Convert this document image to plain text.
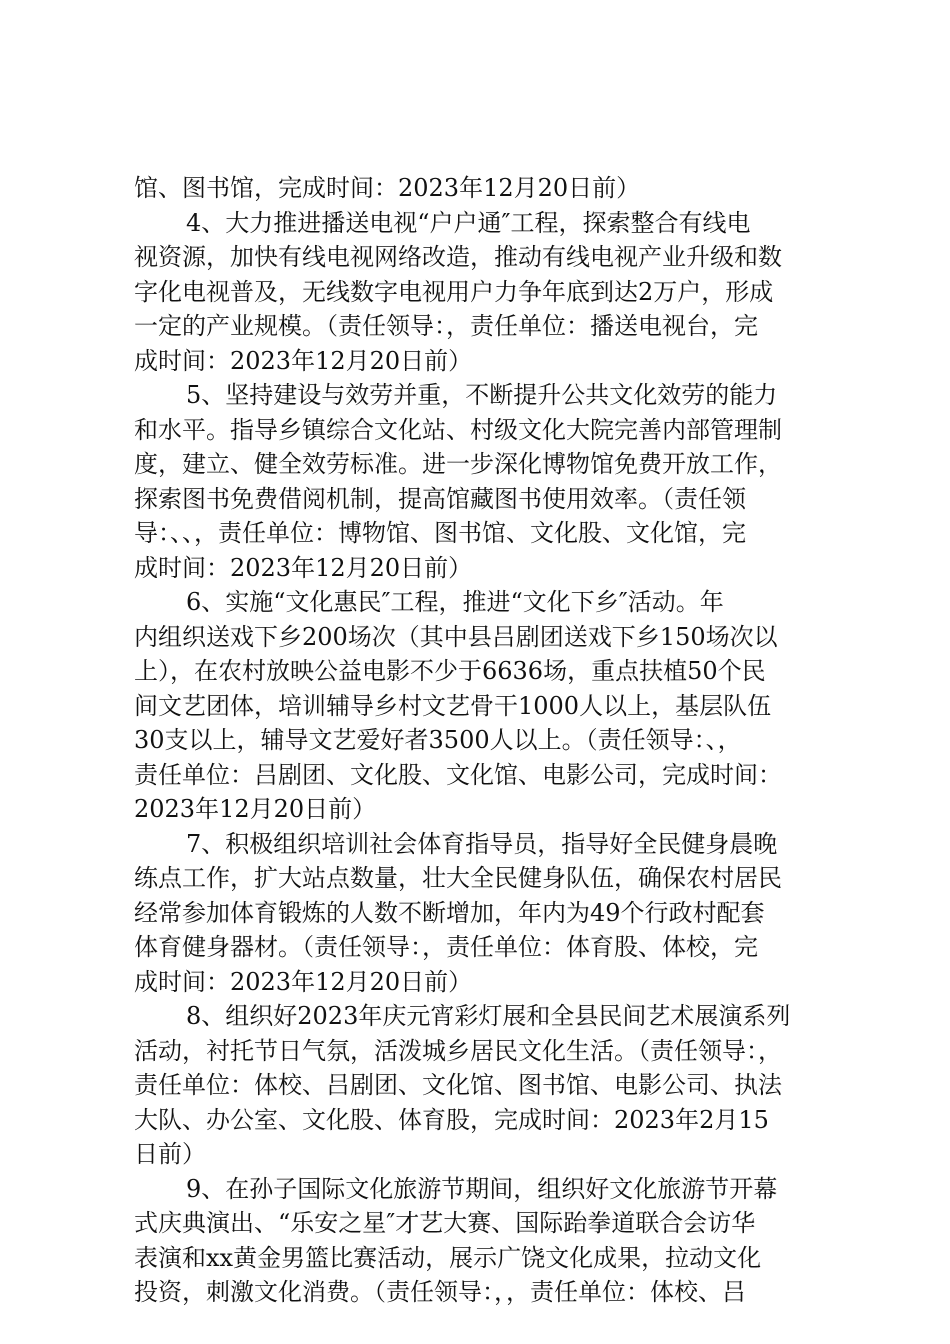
馆、图书馆，完成时间：2023年12月20日前）
4、大力推进播送电视“户户通″工程，探索整合有线电
视资源，加快有线电视网络改造，推动有线电视产业升级和数
字化电视普及，无线数字电视用户力争年底到达2万户，形成
一定的产业规模。（责任领导：，责任单位：播送电视台，完
成时间：2023年12月20日前）
5、坚持建设与效劳并重，不断提升公共文化效劳的能力
和水平。指导乡镇综合文化站、村级文化大院完善内部管理制
度，建立、健全效劳标准。进一步深化博物馆免费开放工作，
探索图书免费借阅机制，提高馆藏图书使用效率。（责任领
导：、、，责任单位：博物馆、图书馆、文化股、文化馆，完
成时间：2023年12月20日前）
6、实施“文化惠民″工程，推进“文化下乡″活动。年
内组织送戏下乡200场次（其中县吕剧团送戏下乡150场次以
上），在农村放映公益电影不少于6636场，重点扶植50个民
间文艺团体，培训辅导乡村文艺骨干1000人以上，基层队伍
30支以上，辅导文艺爱好者3500人以上。（责任领导：、，
责任单位：吕剧团、文化股、文化馆、电影公司，完成时间：
2023年12月20日前）
7、积极组织培训社会体育指导员，指导好全民健身晨晚
练点工作，扩大站点数量，壮大全民健身队伍，确保农村居民
经常参加体育锻炼的人数不断增加，年内为49个行政村配套
体育健身器材。（责任领导：，责任单位：体育股、体校，完
成时间：2023年12月20日前）
8、组织好2023年庆元宵彩灯展和全县民间艺术展演系列
活动，衬托节日气氛，活泼城乡居民文化生活。（责任领导：，
责任单位：体校、吕剧团、文化馆、图书馆、电影公司、执法
大队、办公室、文化股、体育股，完成时间：2023年2月15
日前）
9、在孙子国际文化旅游节期间，组织好文化旅游节开幕
式庆典演出、“乐安之星″才艺大赛、国际跆拳道联合会访华
表演和xx黄金男篮比赛活动，展示广饶文化成果，拉动文化
投资，刺激文化消费。（责任领导：，，责任单位：体校、吕
